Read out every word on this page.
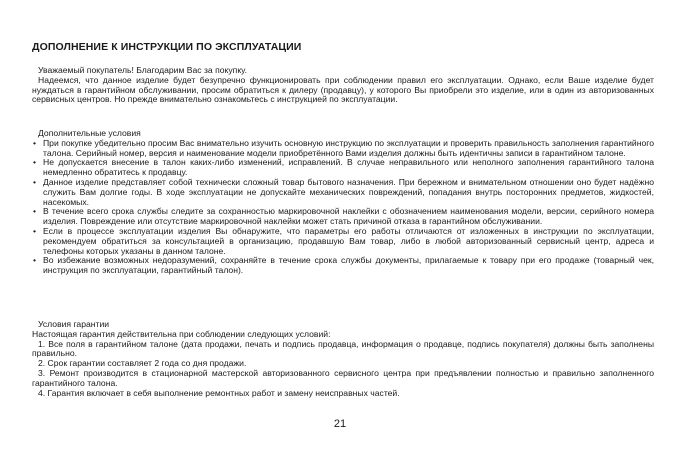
ДОПОЛНЕНИЕ К ИНСТРУКЦИИ ПО ЭКСПЛУАТАЦИИ

Уважаемый покупатель! Благодарим Вас за покупку.

Надеемся, что данное изделие будет безупречно функционировать при соблюдении правил его эксплуатации. Однако, если Ваше изделие будет нуждаться в гарантийном обслуживании, просим обратиться к дилеру (продавцу), у которого Вы приобрели это изделие, или в один из авторизованных сервисных центров. Но прежде внимательно ознакомьтесь с инструкцией по эксплуатации.

Дополнительные условия

• При покупке убедительно просим Вас внимательно изучить основную инструкцию по эксплуатации и проверить правильность заполнения гарантийного талона. Серийный номер, версия и наименование модели приобретённого Вами изделия должны быть идентичны записи в гарантийном талоне.
• Не допускается внесение в талон каких-либо изменений, исправлений. В случае неправильного или неполного заполнения гарантийного талона немедленно обратитесь к продавцу.
• Данное изделие представляет собой технически сложный товар бытового назначения. При бережном и внимательном отношении оно будет надёжно служить Вам долгие годы. В ходе эксплуатации не допускайте механических повреждений, попадания внутрь посторонних предметов, жидкостей, насекомых.
• В течение всего срока службы следите за сохранностью маркировочной наклейки с обозначением наименования модели, версии, серийного номера изделия. Повреждение или отсутствие маркировочной наклейки может стать причиной отказа в гарантийном обслуживании.
• Если в процессе эксплуатации изделия Вы обнаружите, что параметры его работы отличаются от изложенных в инструкции по эксплуатации, рекомендуем обратиться за консультацией в организацию, продавшую Вам товар, либо в любой авторизованный сервисный центр, адреса и телефоны которых указаны в данном талоне.
• Во избежание возможных недоразумений, сохраняйте в течение срока службы документы, прилагаемые к товару при его продаже (товарный чек, инструкция по эксплуатации, гарантийный талон).

Условия гарантии

Настоящая гарантия действительна при соблюдении следующих условий:

1. Все поля в гарантийном талоне (дата продажи, печать и подпись продавца, информация о продавце, подпись покупателя) должны быть заполнены правильно.

2. Срок гарантии составляет 2 года со дня продажи.

3. Ремонт производится в стационарной мастерской авторизованного сервисного центра при предъявлении полностью и правильно заполненного гарантийного талона.

4. Гарантия включает в себя выполнение ремонтных работ и замену неисправных частей.

21
